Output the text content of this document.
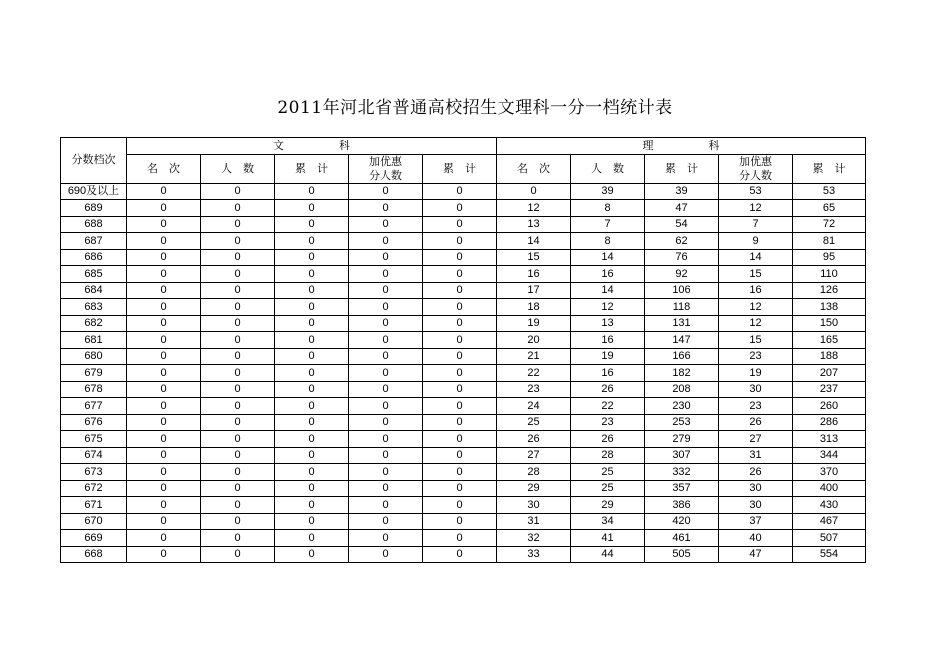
2011年河北省普通高校招生文理科一分一档统计表
分数档次	文　　　　　科					理　　　　　科				
	名　次	人　数	累　计	加优惠
分人数	累　计	名　次	人　数	累　计	加优惠
分人数	累　计
690及以上	0	0	0	0	0	0	39	39	53	53
689	0	0	0	0	0	12	8	47	12	65
688	0	0	0	0	0	13	7	54	7	72
687	0	0	0	0	0	14	8	62	9	81
686	0	0	0	0	0	15	14	76	14	95
685	0	0	0	0	0	16	16	92	15	110
684	0	0	0	0	0	17	14	106	16	126
683	0	0	0	0	0	18	12	118	12	138
682	0	0	0	0	0	19	13	131	12	150
681	0	0	0	0	0	20	16	147	15	165
680	0	0	0	0	0	21	19	166	23	188
679	0	0	0	0	0	22	16	182	19	207
678	0	0	0	0	0	23	26	208	30	237
677	0	0	0	0	0	24	22	230	23	260
676	0	0	0	0	0	25	23	253	26	286
675	0	0	0	0	0	26	26	279	27	313
674	0	0	0	0	0	27	28	307	31	344
673	0	0	0	0	0	28	25	332	26	370
672	0	0	0	0	0	29	25	357	30	400
671	0	0	0	0	0	30	29	386	30	430
670	0	0	0	0	0	31	34	420	37	467
669	0	0	0	0	0	32	41	461	40	507
668	0	0	0	0	0	33	44	505	47	554
